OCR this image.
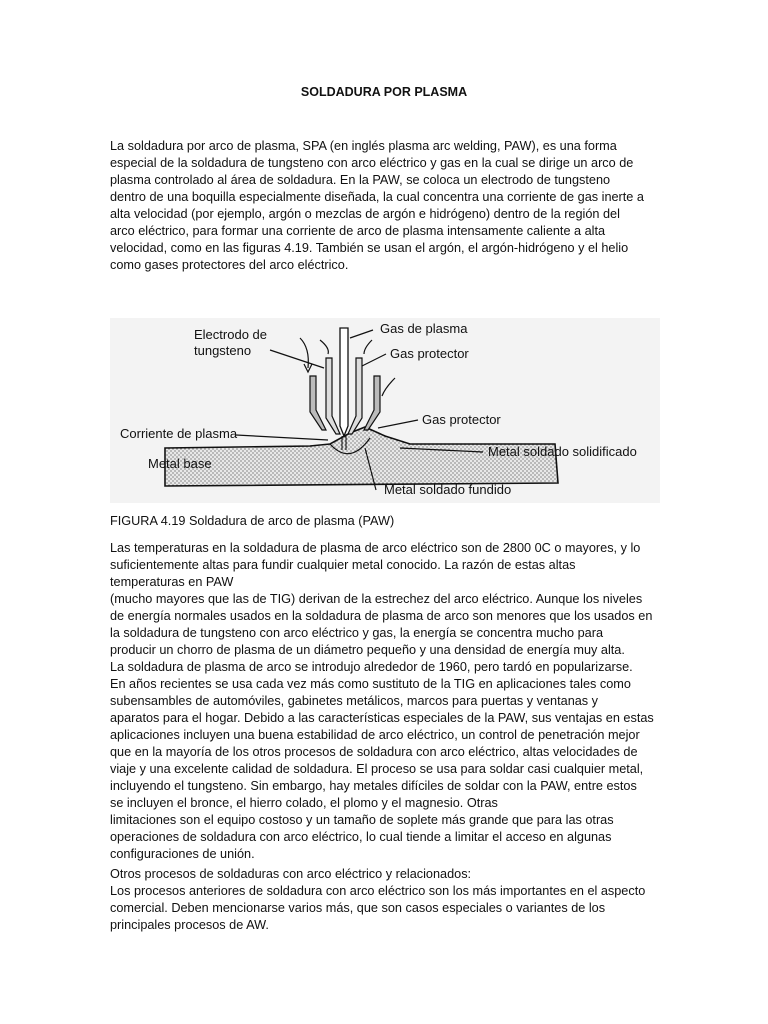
SOLDADURA POR PLASMA
La soldadura por arco de plasma, SPA (en inglés plasma arc welding, PAW), es una forma
especial de la soldadura de tungsteno con arco eléctrico y gas en la cual se dirige un arco de
plasma controlado al área de soldadura. En la PAW, se coloca un electrodo de tungsteno
dentro de una boquilla especialmente diseñada, la cual concentra una corriente de gas inerte a
alta velocidad (por ejemplo, argón o mezclas de argón e hidrógeno) dentro de la región del
arco eléctrico, para formar una corriente de arco de plasma intensamente caliente a alta
velocidad, como en las figuras 4.19. También se usan el argón, el argón-hidrógeno y el helio
como gases protectores del arco eléctrico.
Electrodo de
tungsteno
Gas de plasma
Gas protector
Gas protector
Corriente de plasma
Metal base
Metal soldado solidificado
Metal soldado fundido
FIGURA 4.19 Soldadura de arco de plasma (PAW)
Las temperaturas en la soldadura de plasma de arco eléctrico son de 2800 0C o mayores, y lo
suficientemente altas para fundir cualquier metal conocido. La razón de estas altas
temperaturas en PAW
(mucho mayores que las de TIG) derivan de la estrechez del arco eléctrico. Aunque los niveles
de energía normales usados en la soldadura de plasma de arco son menores que los usados en
la soldadura de tungsteno con arco eléctrico y gas, la energía se concentra mucho para
producir un chorro de plasma de un diámetro pequeño y una densidad de energía muy alta.
La soldadura de plasma de arco se introdujo alrededor de 1960, pero tardó en popularizarse.
En años recientes se usa cada vez más como sustituto de la TIG en aplicaciones tales como
subensambles de automóviles, gabinetes metálicos, marcos para puertas y ventanas y
aparatos para el hogar. Debido a las características especiales de la PAW, sus ventajas en estas
aplicaciones incluyen una buena estabilidad de arco eléctrico, un control de penetración mejor
que en la mayoría de los otros procesos de soldadura con arco eléctrico, altas velocidades de
viaje y una excelente calidad de soldadura. El proceso se usa para soldar casi cualquier metal,
incluyendo el tungsteno. Sin embargo, hay metales difíciles de soldar con la PAW, entre estos
se incluyen el bronce, el hierro colado, el plomo y el magnesio. Otras
limitaciones son el equipo costoso y un tamaño de soplete más grande que para las otras
operaciones de soldadura con arco eléctrico, lo cual tiende a limitar el acceso en algunas
configuraciones de unión.
Otros procesos de soldaduras con arco eléctrico y relacionados:
Los procesos anteriores de soldadura con arco eléctrico son los más importantes en el aspecto
comercial. Deben mencionarse varios más, que son casos especiales o variantes de los
principales procesos de AW.
